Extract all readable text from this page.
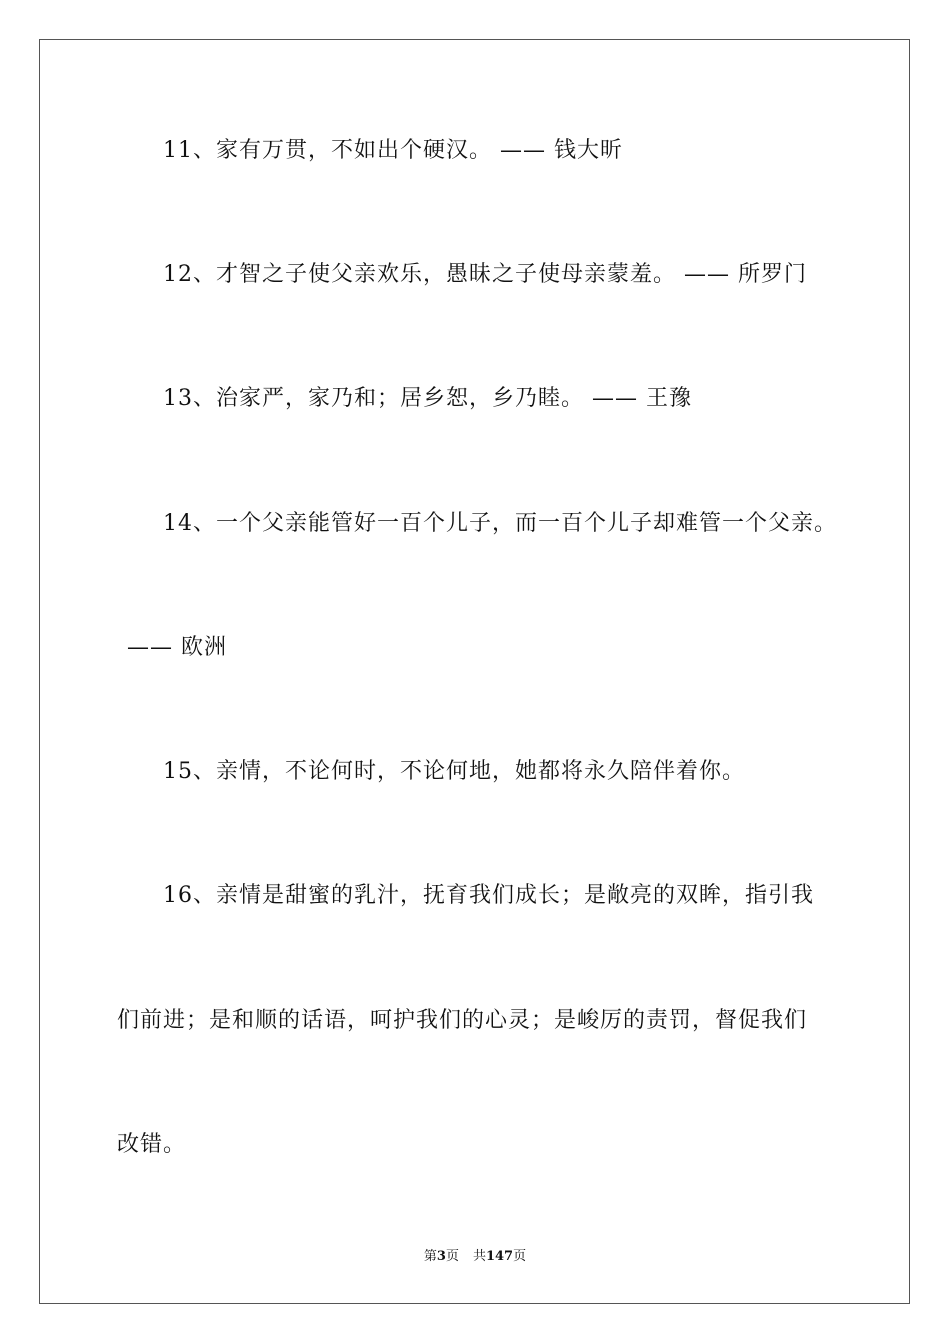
11、家有万贯，不如出个硬汉。 —— 钱大昕
12、才智之子使父亲欢乐，愚昧之子使母亲蒙羞。 —— 所罗门
13、治家严，家乃和；居乡恕，乡乃睦。 —— 王豫
14、一个父亲能管好一百个儿子，而一百个儿子却难管一个父亲。
—— 欧洲
15、亲情，不论何时，不论何地，她都将永久陪伴着你。
16、亲情是甜蜜的乳汁，抚育我们成长；是敞亮的双眸，指引我
们前进；是和顺的话语，呵护我们的心灵；是峻厉的责罚，督促我们
改错。
第3页 共147页
